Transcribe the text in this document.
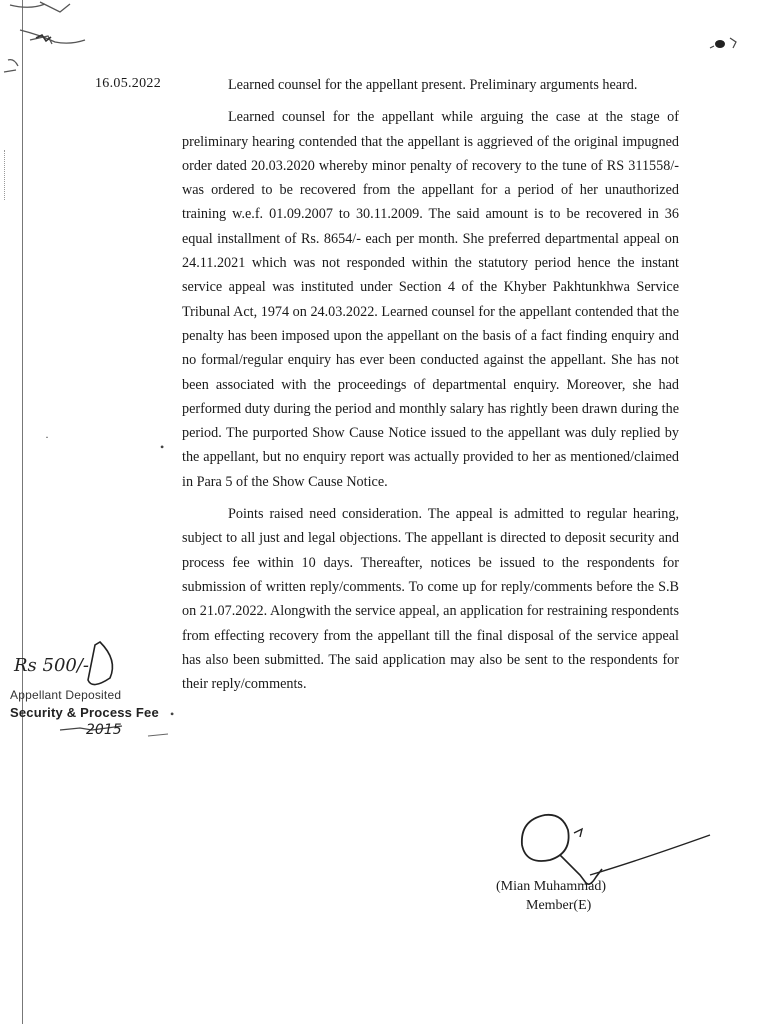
16.05.2022	Learned counsel for the appellant present. Preliminary arguments heard.

Learned counsel for the appellant while arguing the case at the stage of preliminary hearing contended that the appellant is aggrieved of the original impugned order dated 20.03.2020 whereby minor penalty of recovery to the tune of RS 311558/- was ordered to be recovered from the appellant for a period of her unauthorized training w.e.f. 01.09.2007 to 30.11.2009. The said amount is to be recovered in 36 equal installment of Rs. 8654/- each per month. She preferred departmental appeal on 24.11.2021 which was not responded within the statutory period hence the instant service appeal was instituted under Section 4 of the Khyber Pakhtunkhwa Service Tribunal Act, 1974 on 24.03.2022. Learned counsel for the appellant contended that the penalty has been imposed upon the appellant on the basis of a fact finding enquiry and no formal/regular enquiry has ever been conducted against the appellant. She has not been associated with the proceedings of departmental enquiry. Moreover, she had performed duty during the period and monthly salary has rightly been drawn during the period. The purported Show Cause Notice issued to the appellant was duly replied by the appellant, but no enquiry report was actually provided to her as mentioned/claimed in Para 5 of the Show Cause Notice.

Points raised need consideration. The appeal is admitted to regular hearing, subject to all just and legal objections. The appellant is directed to deposit security and process fee within 10 days. Thereafter, notices be issued to the respondents for submission of written reply/comments. To come up for reply/comments before the S.B on 21.07.2022. Alongwith the service appeal, an application for restraining respondents from effecting recovery from the appellant till the final disposal of the service appeal has also been submitted. The said application may also be sent to the respondents for their reply/comments.

Rs 500/-
Appellant Deposited
Security & Process Fee
2015
•
•
·
(Mian Muhammad)
Member(E)
